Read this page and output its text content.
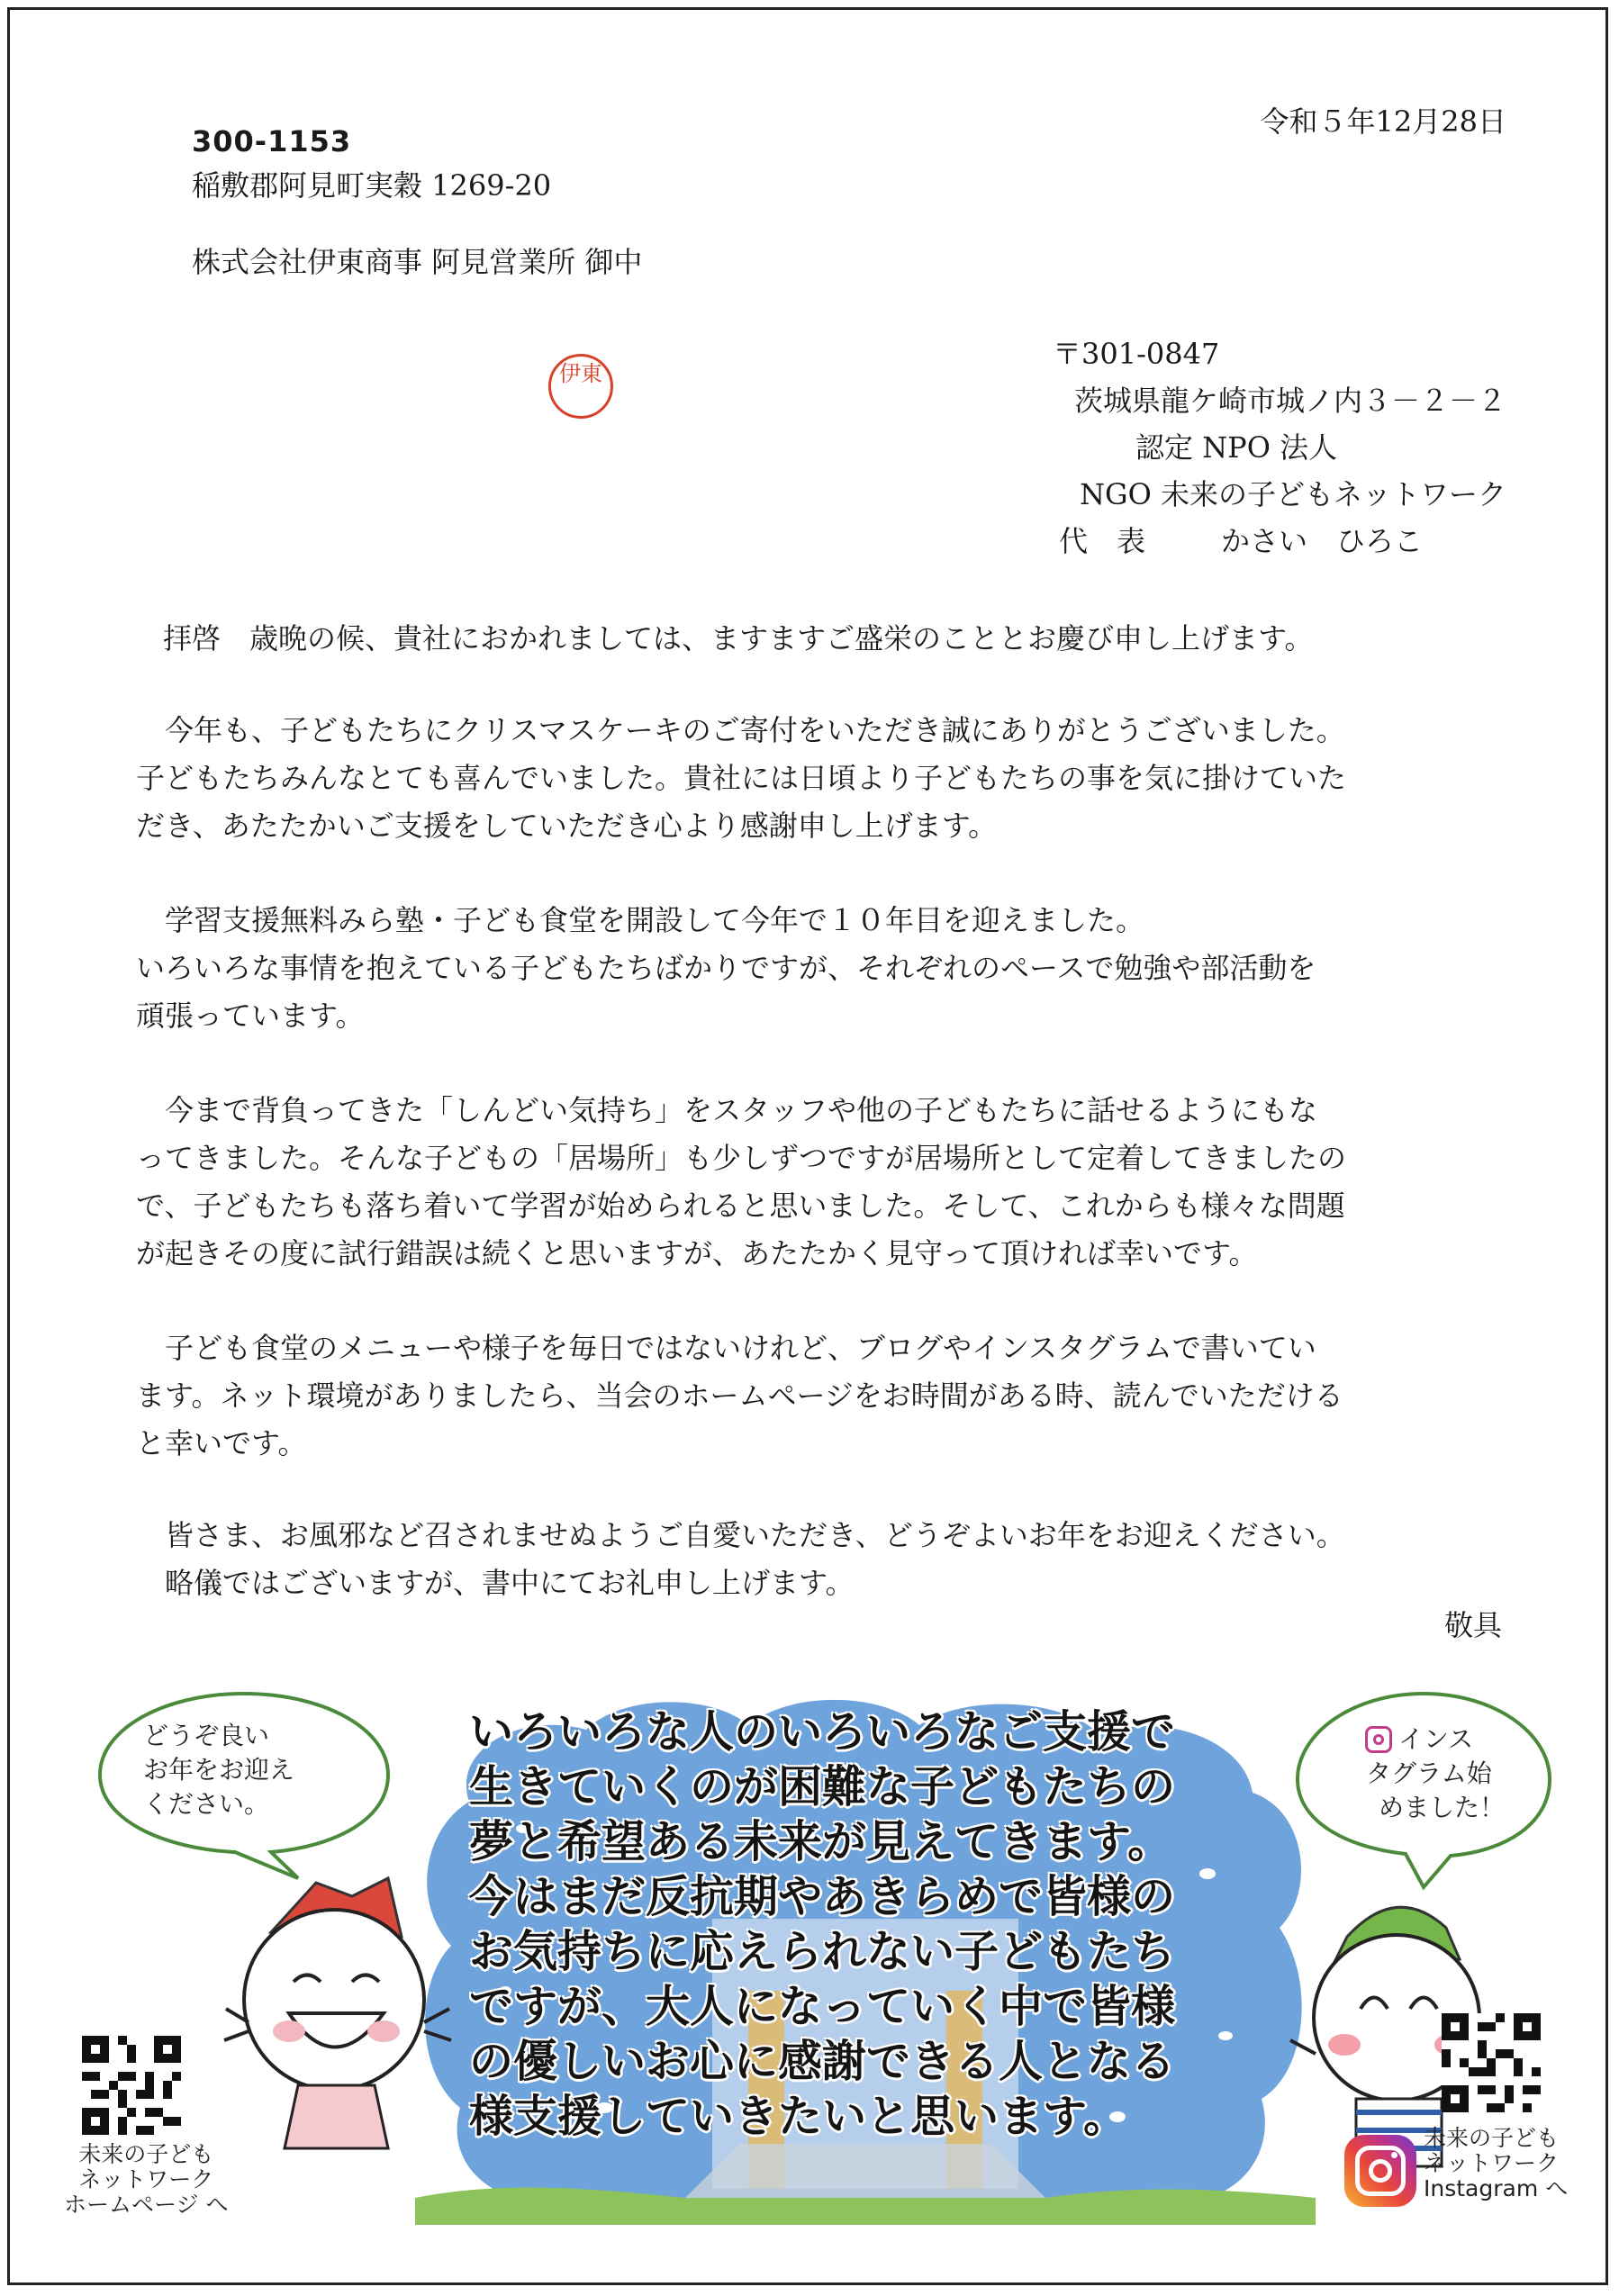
300-1153
稲敷郡阿見町実穀 1269-20
株式会社伊東商事 阿見営業所 御中
令和５年12月28日
伊東
〒301-0847
茨城県龍ケ崎市城ノ内３－２－２
認定 NPO 法人
NGO 未来の子どもネットワーク
代　表	かさい　ひろこ

拝啓　歳晩の候、貴社におかれましては、ますますご盛栄のこととお慶び申し上げます。

今年も、子どもたちにクリスマスケーキのご寄付をいただき誠にありがとうございました。

子どもたちみんなとても喜んでいました。貴社には日頃より子どもたちの事を気に掛けていた

だき、あたたかいご支援をしていただき心より感謝申し上げます。

学習支援無料みら塾・子ども食堂を開設して今年で１０年目を迎えました。

いろいろな事情を抱えている子どもたちばかりですが、それぞれのペースで勉強や部活動を

頑張っています。

今まで背負ってきた「しんどい気持ち」をスタッフや他の子どもたちに話せるようにもな

ってきました。そんな子どもの「居場所」も少しずつですが居場所として定着してきましたの

で、子どもたちも落ち着いて学習が始められると思いました。そして、これからも様々な問題

が起きその度に試行錯誤は続くと思いますが、あたたかく見守って頂ければ幸いです。

子ども食堂のメニューや様子を毎日ではないけれど、ブログやインスタグラムで書いてい

ます。ネット環境がありましたら、当会のホームページをお時間がある時、読んでいただける

と幸いです。

皆さま、お風邪など召されませぬようご自愛いただき、どうぞよいお年をお迎えください。

略儀ではございますが、書中にてお礼申し上げます。

敬具
いろいろな人のいろいろなご支援で
生きていくのが困難な子どもたちの
夢と希望ある未来が見えてきます。
今はまだ反抗期やあきらめで皆様の
お気持ちに応えられない子どもたち
ですが、大人になっていく中で皆様
の優しいお心に感謝できる人となる
様支援していきたいと思います。
どうぞ良い
お年をお迎え
ください。
インス
タグラム始
めました！
未来の子ども
ネットワーク
ホームページ へ
未来の子ども
ネットワーク
Instagram へ
